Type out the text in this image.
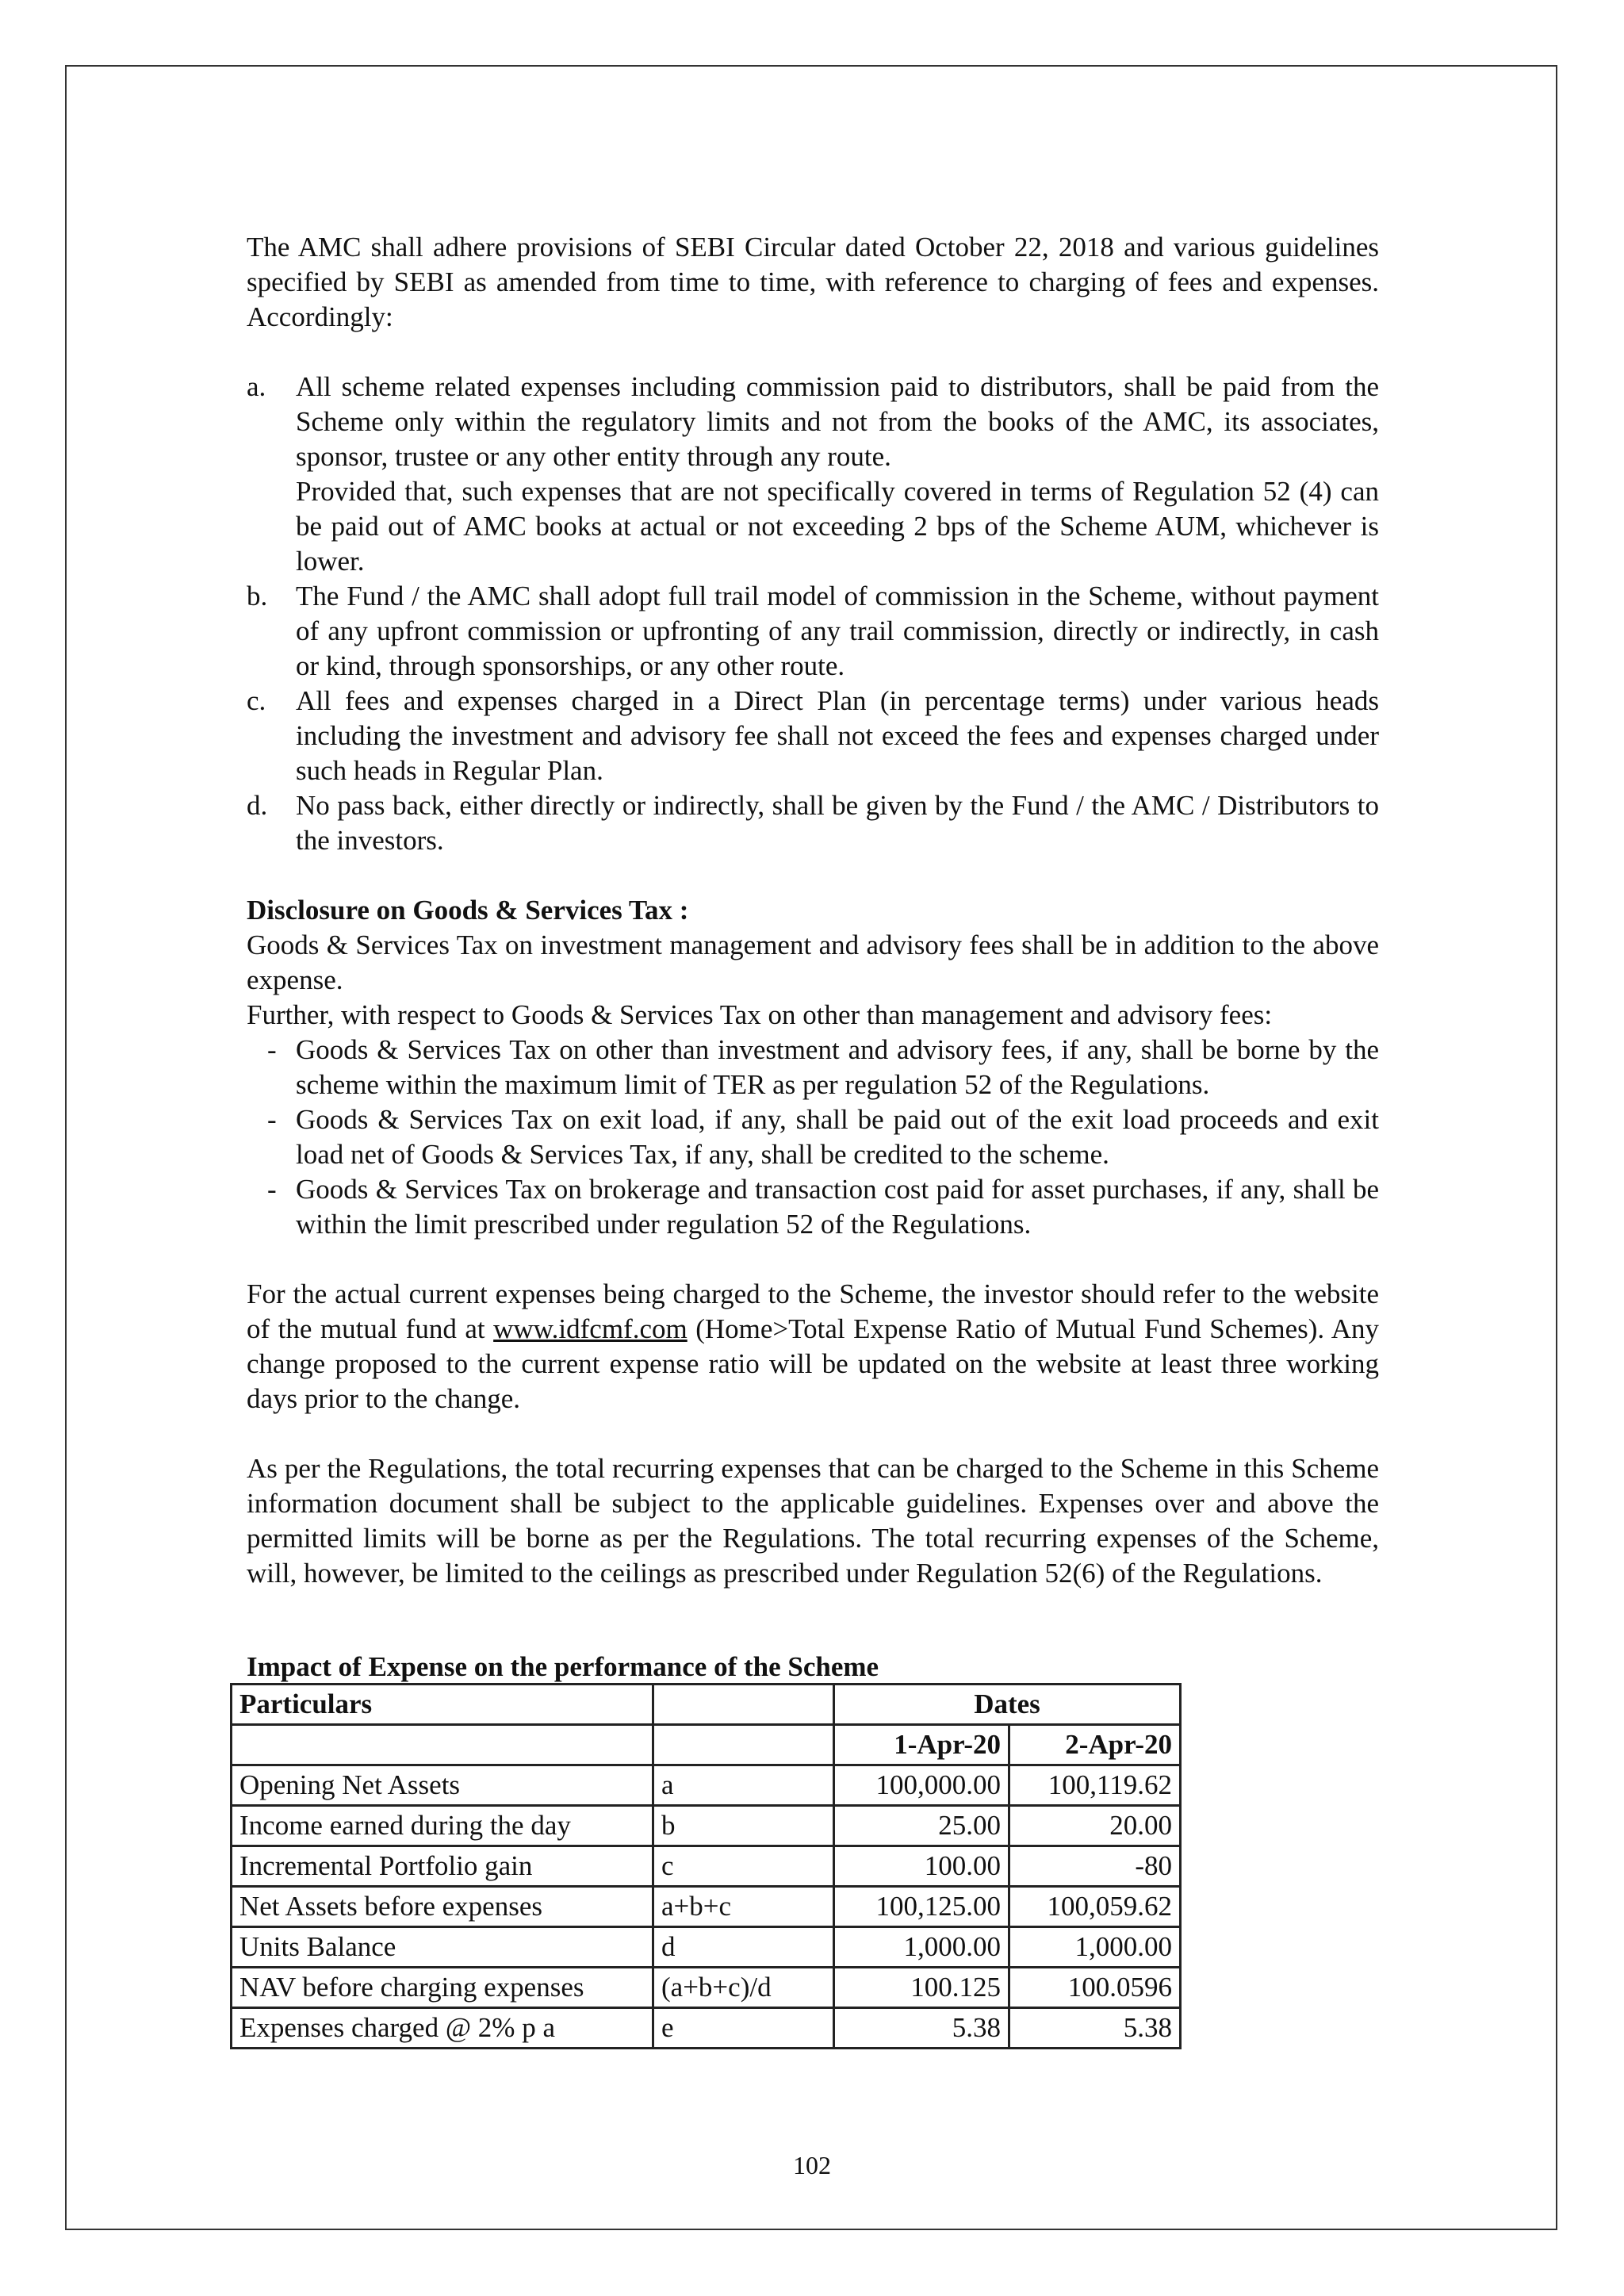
The AMC shall adhere provisions of SEBI Circular dated October 22, 2018 and various guidelines specified by SEBI as amended from time to time, with reference to charging of fees and expenses. Accordingly:

a. All scheme related expenses including commission paid to distributors, shall be paid from the Scheme only within the regulatory limits and not from the books of the AMC, its associates, sponsor, trustee or any other entity through any route.

Provided that, such expenses that are not specifically covered in terms of Regulation 52 (4) can be paid out of AMC books at actual or not exceeding 2 bps of the Scheme AUM, whichever is lower.

b. The Fund / the AMC shall adopt full trail model of commission in the Scheme, without payment of any upfront commission or upfronting of any trail commission, directly or indirectly, in cash or kind, through sponsorships, or any other route.

c. All fees and expenses charged in a Direct Plan (in percentage terms) under various heads including the investment and advisory fee shall not exceed the fees and expenses charged under such heads in Regular Plan.

d. No pass back, either directly or indirectly, shall be given by the Fund / the AMC / Distributors to the investors.

Disclosure on Goods & Services Tax :

Goods & Services Tax on investment management and advisory fees shall be in addition to the above expense.

Further, with respect to Goods & Services Tax on other than management and advisory fees:

- Goods & Services Tax on other than investment and advisory fees, if any, shall be borne by the scheme within the maximum limit of TER as per regulation 52 of the Regulations.

- Goods & Services Tax on exit load, if any, shall be paid out of the exit load proceeds and exit load net of Goods & Services Tax, if any, shall be credited to the scheme.

- Goods & Services Tax on brokerage and transaction cost paid for asset purchases, if any, shall be within the limit prescribed under regulation 52 of the Regulations.

For the actual current expenses being charged to the Scheme, the investor should refer to the website of the mutual fund at www.idfcmf.com (Home>Total Expense Ratio of Mutual Fund Schemes). Any change proposed to the current expense ratio will be updated on the website at least three working days prior to the change.

As per the Regulations, the total recurring expenses that can be charged to the Scheme in this Scheme information document shall be subject to the applicable guidelines. Expenses over and above the permitted limits will be borne as per the Regulations. The total recurring expenses of the Scheme, will, however, be limited to the ceilings as prescribed under Regulation 52(6) of the Regulations.

Impact of Expense on the performance of the Scheme
Particulars		Dates	
		1-Apr-20	2-Apr-20
Opening Net Assets	a	100,000.00	100,119.62
Income earned during the day	b	25.00	20.00
Incremental Portfolio gain	c	100.00	-80
Net Assets before expenses	a+b+c	100,125.00	100,059.62
Units Balance	d	1,000.00	1,000.00
NAV before charging expenses	(a+b+c)/d	100.125	100.0596
Expenses charged @ 2% p a	e	5.38	5.38
102
